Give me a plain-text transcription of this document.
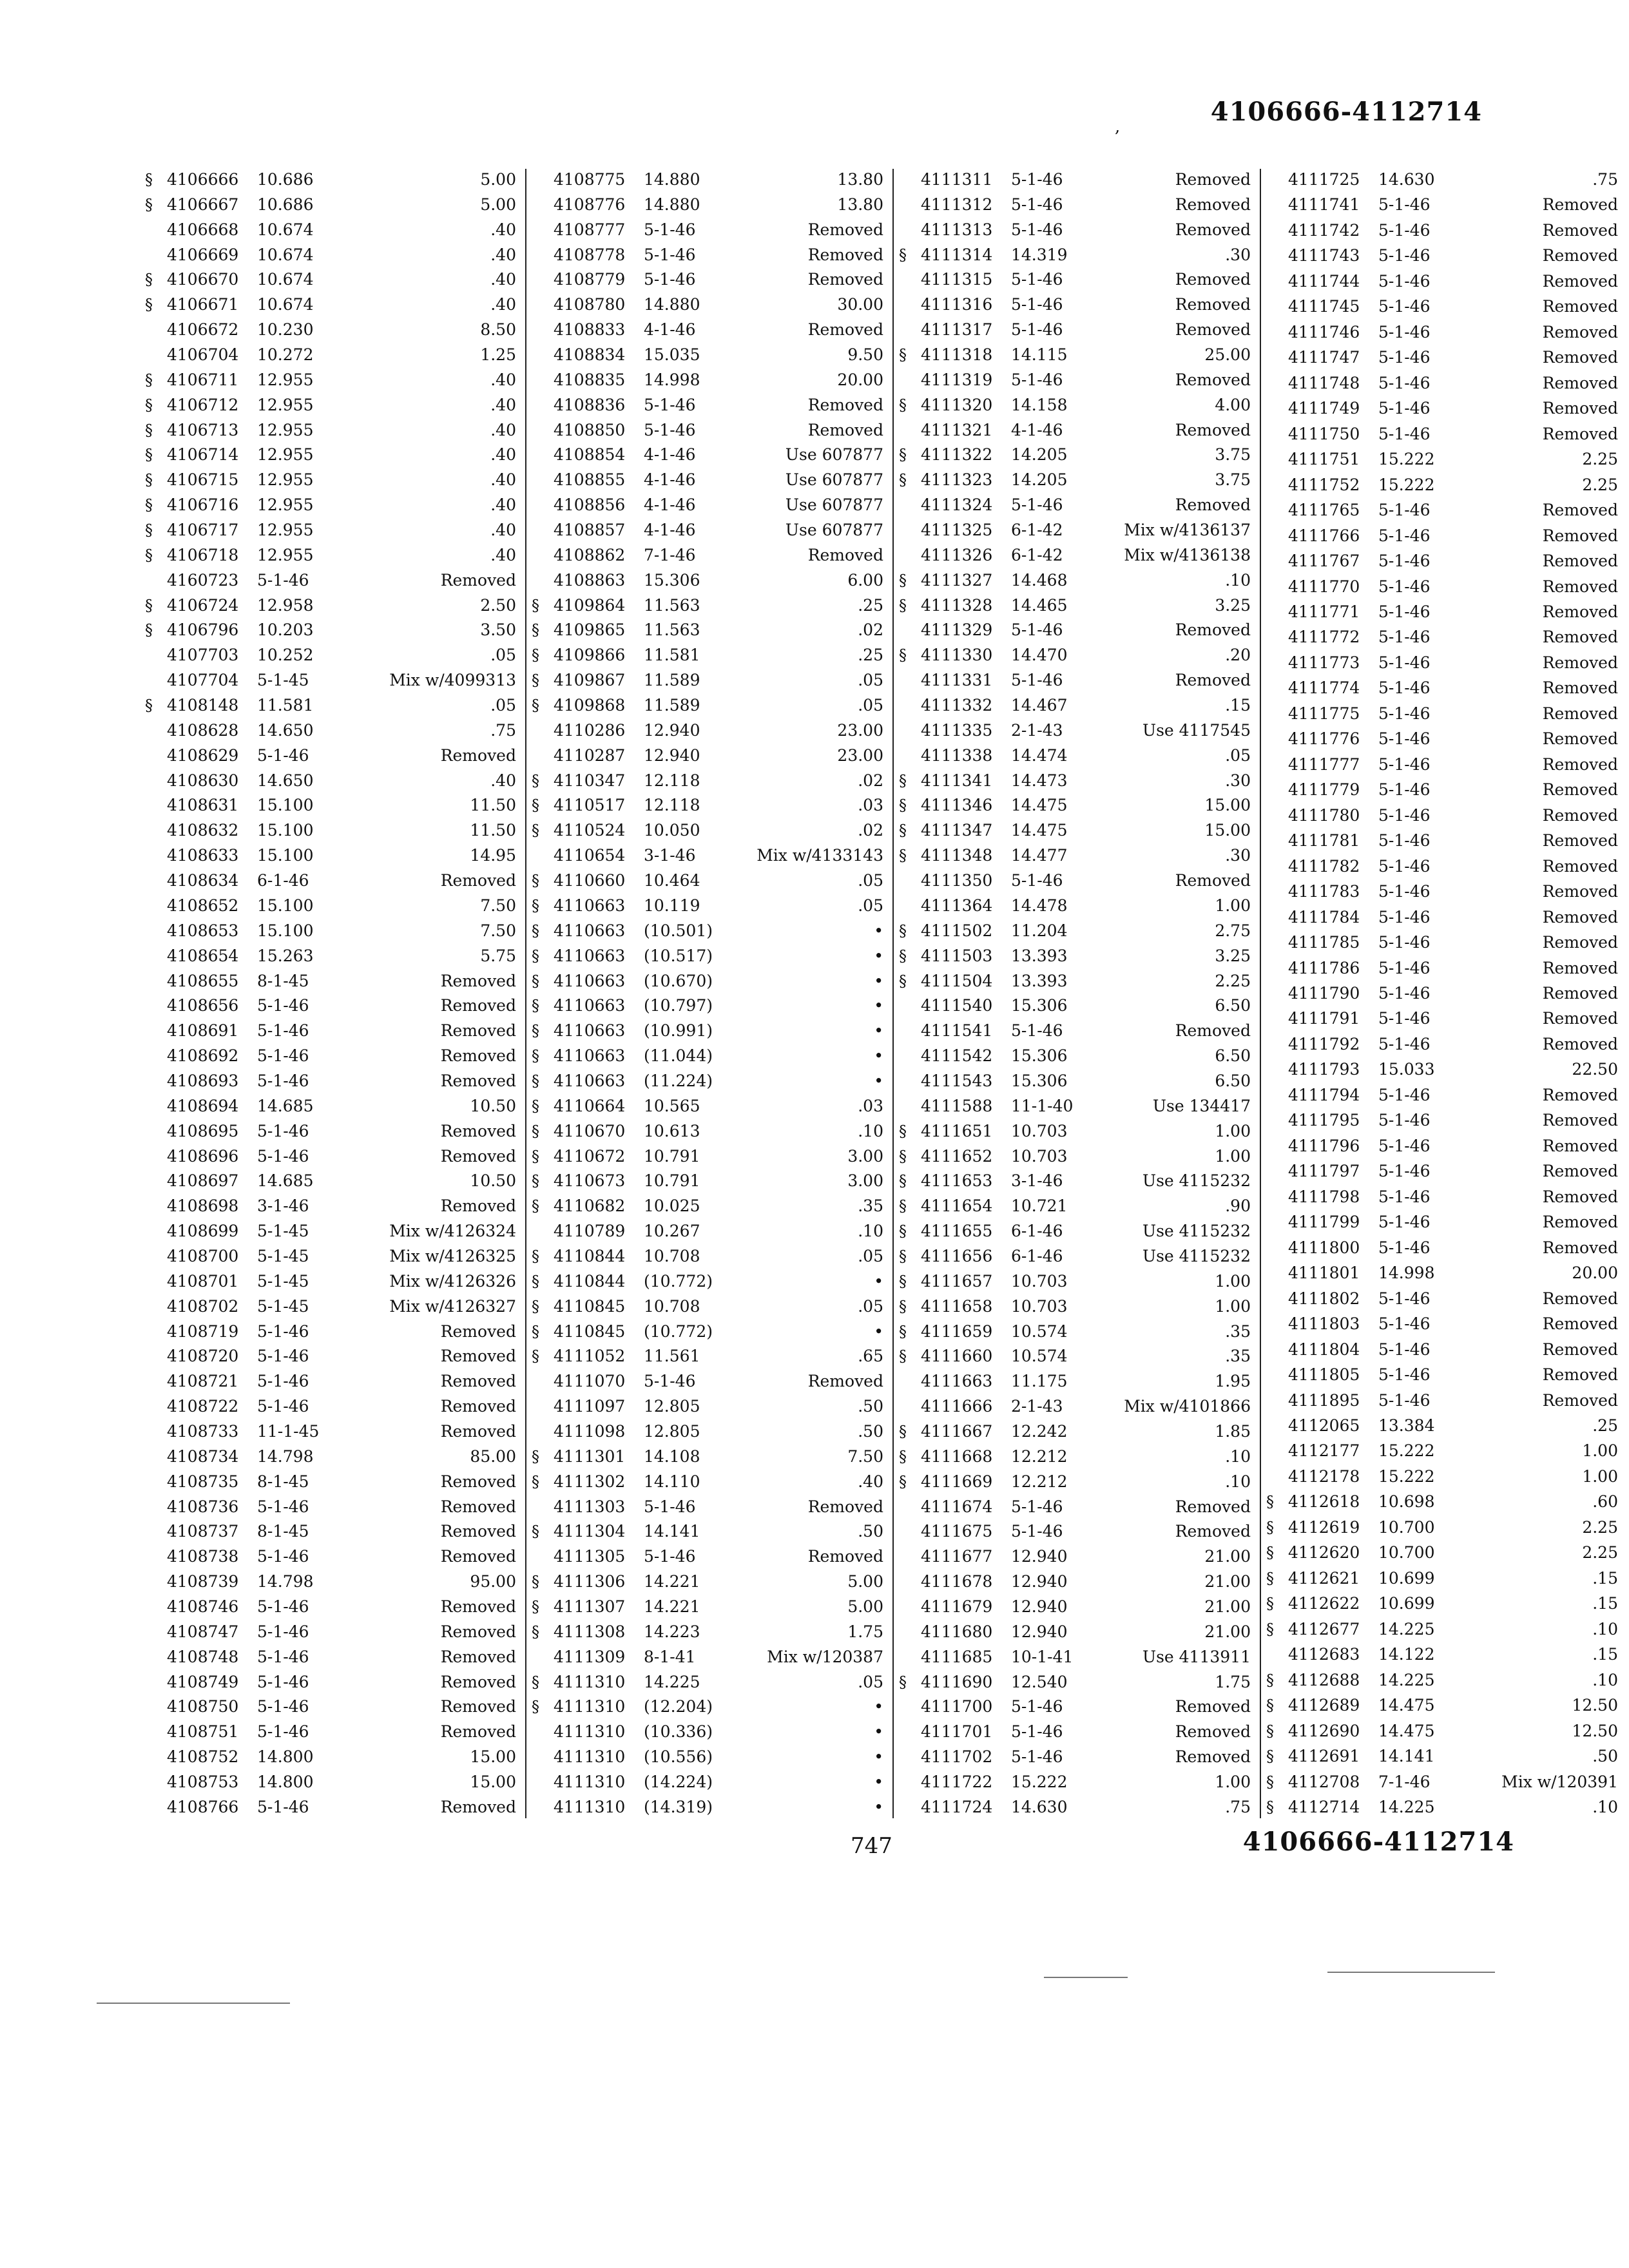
,	4106666-4112714
§ 4106666	10.686	5.00
§ 4106667	10.686	5.00
4106668	10.674	.40
4106669	10.674	.40
§ 4106670	10.674	.40
§ 4106671	10.674	.40
4106672	10.230	8.50
4106704	10.272	1.25
§ 4106711	12.955	.40
§ 4106712	12.955	.40
§ 4106713	12.955	.40
§ 4106714	12.955	.40
§ 4106715	12.955	.40
§ 4106716	12.955	.40
§ 4106717	12.955	.40
§ 4106718	12.955	.40
4160723	5-1-46	Removed
§ 4106724	12.958	2.50
§ 4106796	10.203	3.50
4107703	10.252	.05
4107704	5-1-45	Mix w/4099313
§ 4108148	11.581	.05
4108628	14.650	.75
4108629	5-1-46	Removed
4108630	14.650	.40
4108631	15.100	11.50
4108632	15.100	11.50
4108633	15.100	14.95
4108634	6-1-46	Removed
4108652	15.100	7.50
4108653	15.100	7.50
4108654	15.263	5.75
4108655	8-1-45	Removed
4108656	5-1-46	Removed
4108691	5-1-46	Removed
4108692	5-1-46	Removed
4108693	5-1-46	Removed
4108694	14.685	10.50
4108695	5-1-46	Removed
4108696	5-1-46	Removed
4108697	14.685	10.50
4108698	3-1-46	Removed
4108699	5-1-45	Mix w/4126324
4108700	5-1-45	Mix w/4126325
4108701	5-1-45	Mix w/4126326
4108702	5-1-45	Mix w/4126327
4108719	5-1-46	Removed
4108720	5-1-46	Removed
4108721	5-1-46	Removed
4108722	5-1-46	Removed
4108733	11-1-45	Removed
4108734	14.798	85.00
4108735	8-1-45	Removed
4108736	5-1-46	Removed
4108737	8-1-45	Removed
4108738	5-1-46	Removed
4108739	14.798	95.00
4108746	5-1-46	Removed
4108747	5-1-46	Removed
4108748	5-1-46	Removed
4108749	5-1-46	Removed
4108750	5-1-46	Removed
4108751	5-1-46	Removed
4108752	14.800	15.00
4108753	14.800	15.00
4108766	5-1-46	Removed
4108775	14.880	13.80
4108776	14.880	13.80
4108777	5-1-46	Removed
4108778	5-1-46	Removed
4108779	5-1-46	Removed
4108780	14.880	30.00
4108833	4-1-46	Removed
4108834	15.035	9.50
4108835	14.998	20.00
4108836	5-1-46	Removed
4108850	5-1-46	Removed
4108854	4-1-46	Use 607877
4108855	4-1-46	Use 607877
4108856	4-1-46	Use 607877
4108857	4-1-46	Use 607877
4108862	7-1-46	Removed
4108863	15.306	6.00
§ 4109864	11.563	.25
§ 4109865	11.563	.02
§ 4109866	11.581	.25
§ 4109867	11.589	.05
§ 4109868	11.589	.05
4110286	12.940	23.00
4110287	12.940	23.00
§ 4110347	12.118	.02
§ 4110517	12.118	.03
§ 4110524	10.050	.02
4110654	3-1-46	Mix w/4133143
§ 4110660	10.464	.05
§ 4110663	10.119	.05
§ 4110663	(10.501)	•
§ 4110663	(10.517)	•
§ 4110663	(10.670)	•
§ 4110663	(10.797)	•
§ 4110663	(10.991)	•
§ 4110663	(11.044)	•
§ 4110663	(11.224)	•
§ 4110664	10.565	.03
§ 4110670	10.613	.10
§ 4110672	10.791	3.00
§ 4110673	10.791	3.00
§ 4110682	10.025	.35
4110789	10.267	.10
§ 4110844	10.708	.05
§ 4110844	(10.772)	•
§ 4110845	10.708	.05
§ 4110845	(10.772)	•
§ 4111052	11.561	.65
4111070	5-1-46	Removed
4111097	12.805	.50
4111098	12.805	.50
§ 4111301	14.108	7.50
§ 4111302	14.110	.40
4111303	5-1-46	Removed
§ 4111304	14.141	.50
4111305	5-1-46	Removed
§ 4111306	14.221	5.00
§ 4111307	14.221	5.00
§ 4111308	14.223	1.75
4111309	8-1-41	Mix w/120387
§ 4111310	14.225	.05
§ 4111310	(12.204)	•
4111310	(10.336)	•
4111310	(10.556)	•
4111310	(14.224)	•
4111310	(14.319)	•
4111311	5-1-46	Removed
4111312	5-1-46	Removed
4111313	5-1-46	Removed
§ 4111314	14.319	.30
4111315	5-1-46	Removed
4111316	5-1-46	Removed
4111317	5-1-46	Removed
§ 4111318	14.115	25.00
4111319	5-1-46	Removed
§ 4111320	14.158	4.00
4111321	4-1-46	Removed
§ 4111322	14.205	3.75
§ 4111323	14.205	3.75
4111324	5-1-46	Removed
4111325	6-1-42	Mix w/4136137
4111326	6-1-42	Mix w/4136138
§ 4111327	14.468	.10
§ 4111328	14.465	3.25
4111329	5-1-46	Removed
§ 4111330	14.470	.20
4111331	5-1-46	Removed
4111332	14.467	.15
4111335	2-1-43	Use 4117545
4111338	14.474	.05
§ 4111341	14.473	.30
§ 4111346	14.475	15.00
§ 4111347	14.475	15.00
§ 4111348	14.477	.30
4111350	5-1-46	Removed
4111364	14.478	1.00
§ 4111502	11.204	2.75
§ 4111503	13.393	3.25
§ 4111504	13.393	2.25
4111540	15.306	6.50
4111541	5-1-46	Removed
4111542	15.306	6.50
4111543	15.306	6.50
4111588	11-1-40	Use 134417
§ 4111651	10.703	1.00
§ 4111652	10.703	1.00
§ 4111653	3-1-46	Use 4115232
§ 4111654	10.721	.90
§ 4111655	6-1-46	Use 4115232
§ 4111656	6-1-46	Use 4115232
§ 4111657	10.703	1.00
§ 4111658	10.703	1.00
§ 4111659	10.574	.35
§ 4111660	10.574	.35
4111663	11.175	1.95
4111666	2-1-43	Mix w/4101866
§ 4111667	12.242	1.85
§ 4111668	12.212	.10
§ 4111669	12.212	.10
4111674	5-1-46	Removed
4111675	5-1-46	Removed
4111677	12.940	21.00
4111678	12.940	21.00
4111679	12.940	21.00
4111680	12.940	21.00
4111685	10-1-41	Use 4113911
§ 4111690	12.540	1.75
4111700	5-1-46	Removed
4111701	5-1-46	Removed
4111702	5-1-46	Removed
4111722	15.222	1.00
4111724	14.630	.75
4111725	14.630	.75
4111741	5-1-46	Removed
4111742	5-1-46	Removed
4111743	5-1-46	Removed
4111744	5-1-46	Removed
4111745	5-1-46	Removed
4111746	5-1-46	Removed
4111747	5-1-46	Removed
4111748	5-1-46	Removed
4111749	5-1-46	Removed
4111750	5-1-46	Removed
4111751	15.222	2.25
4111752	15.222	2.25
4111765	5-1-46	Removed
4111766	5-1-46	Removed
4111767	5-1-46	Removed
4111770	5-1-46	Removed
4111771	5-1-46	Removed
4111772	5-1-46	Removed
4111773	5-1-46	Removed
4111774	5-1-46	Removed
4111775	5-1-46	Removed
4111776	5-1-46	Removed
4111777	5-1-46	Removed
4111779	5-1-46	Removed
4111780	5-1-46	Removed
4111781	5-1-46	Removed
4111782	5-1-46	Removed
4111783	5-1-46	Removed
4111784	5-1-46	Removed
4111785	5-1-46	Removed
4111786	5-1-46	Removed
4111790	5-1-46	Removed
4111791	5-1-46	Removed
4111792	5-1-46	Removed
4111793	15.033	22.50
4111794	5-1-46	Removed
4111795	5-1-46	Removed
4111796	5-1-46	Removed
4111797	5-1-46	Removed
4111798	5-1-46	Removed
4111799	5-1-46	Removed
4111800	5-1-46	Removed
4111801	14.998	20.00
4111802	5-1-46	Removed
4111803	5-1-46	Removed
4111804	5-1-46	Removed
4111805	5-1-46	Removed
4111895	5-1-46	Removed
4112065	13.384	.25
4112177	15.222	1.00
4112178	15.222	1.00
§ 4112618	10.698	.60
§ 4112619	10.700	2.25
§ 4112620	10.700	2.25
§ 4112621	10.699	.15
§ 4112622	10.699	.15
§ 4112677	14.225	.10
4112683	14.122	.15
§ 4112688	14.225	.10
§ 4112689	14.475	12.50
§ 4112690	14.475	12.50
§ 4112691	14.141	.50
§ 4112708	7-1-46	Mix w/120391
§ 4112714	14.225	.10
747	4106666-4112714
